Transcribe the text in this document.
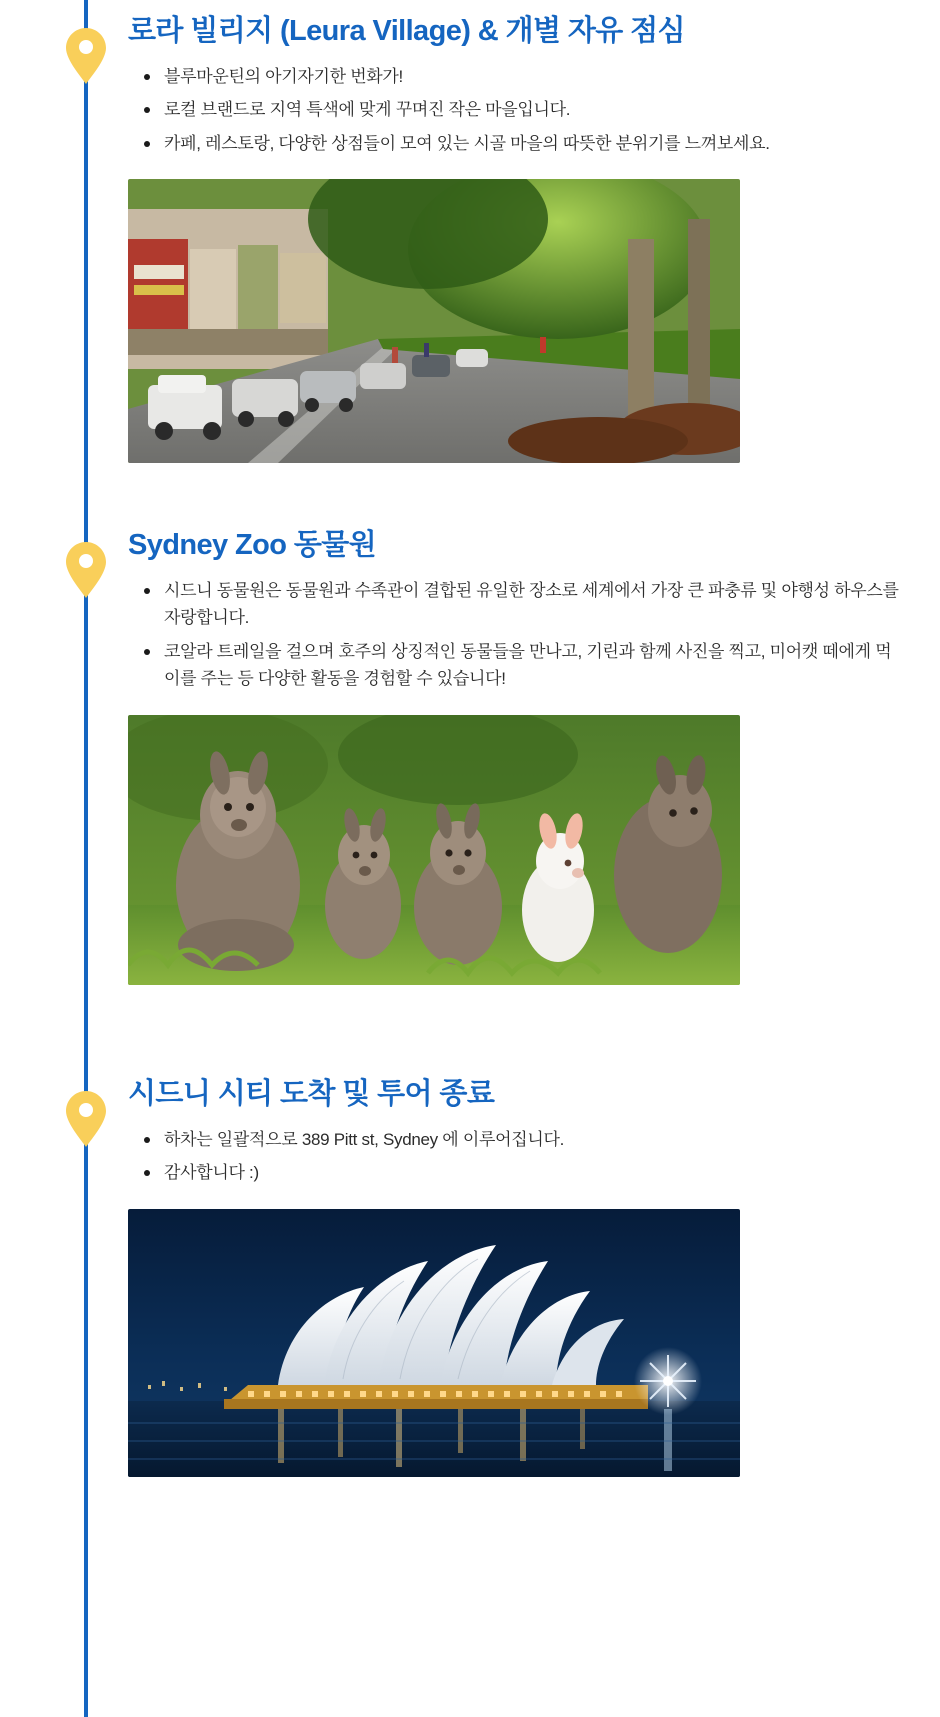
로라 빌리지 (Leura Village) & 개별 자유 점심
블루마운틴의 아기자기한 번화가!
로컬 브랜드로 지역 특색에 맞게 꾸며진 작은 마을입니다.
카페, 레스토랑, 다양한 상점들이 모여 있는 시골 마을의 따뜻한 분위기를 느껴보세요.
Sydney Zoo 동물원
시드니 동물원은 동물원과 수족관이 결합된 유일한 장소로 세계에서 가장 큰 파충류 및 야행성 하우스를 자랑합니다.
코알라 트레일을 걸으며 호주의 상징적인 동물들을 만나고, 기린과 함께 사진을 찍고, 미어캣 떼에게 먹이를 주는 등 다양한 활동을 경험할 수 있습니다!
시드니 시티 도착 및 투어 종료
하차는 일괄적으로 389 Pitt st, Sydney 에 이루어집니다.
감사합니다 :)
